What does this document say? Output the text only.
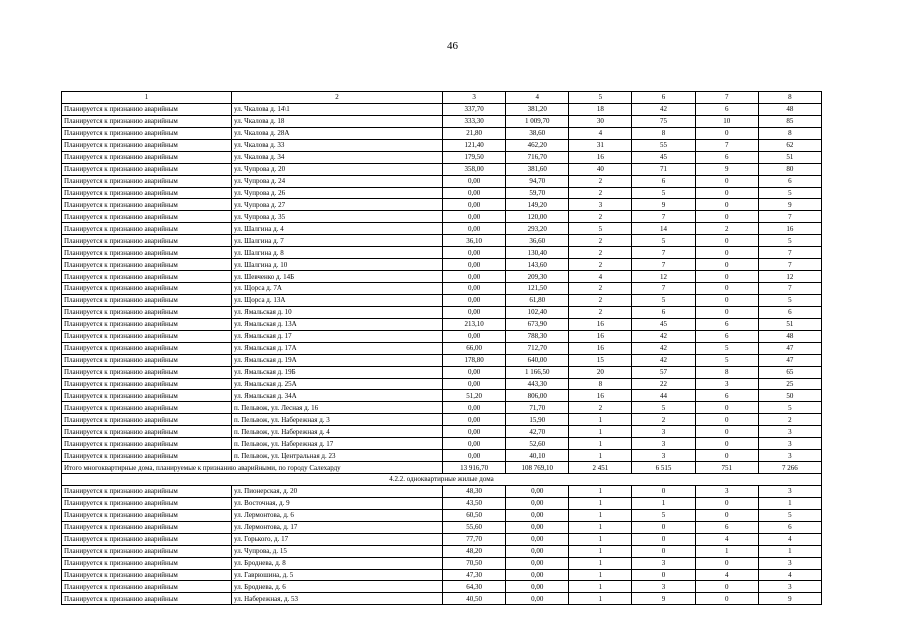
46
1	2	3	4	5	6	7	8
Планируется к признанию аварийным	ул. Чкалова д. 14\1	337,70	381,20	18	42	6	48
Планируется к признанию аварийным	ул. Чкалова д. 18	333,30	1 009,70	30	75	10	85
Планируется к признанию аварийным	ул. Чкалова д. 28А	21,80	38,60	4	8	0	8
Планируется к признанию аварийным	ул. Чкалова д. 33	121,40	462,20	31	55	7	62
Планируется к признанию аварийным	ул. Чкалова д. 34	179,50	716,70	16	45	6	51
Планируется к признанию аварийным	ул. Чупрова д. 20	358,00	381,60	40	71	9	80
Планируется к признанию аварийным	ул. Чупрова д. 24	0,00	94,70	2	6	0	6
Планируется к признанию аварийным	ул. Чупрова д. 26	0,00	59,70	2	5	0	5
Планируется к признанию аварийным	ул. Чупрова д. 27	0,00	149,20	3	9	0	9
Планируется к признанию аварийным	ул. Чупрова д. 35	0,00	120,00	2	7	0	7
Планируется к признанию аварийным	ул. Шалгина д. 4	0,00	293,20	5	14	2	16
Планируется к признанию аварийным	ул. Шалгина д. 7	36,10	36,60	2	5	0	5
Планируется к признанию аварийным	ул. Шалгина д. 8	0,00	130,40	2	7	0	7
Планируется к признанию аварийным	ул. Шалгина д. 10	0,00	143,60	2	7	0	7
Планируется к признанию аварийным	ул. Шевченко д. 14Б	0,00	209,30	4	12	0	12
Планируется к признанию аварийным	ул. Щорса д. 7А	0,00	121,50	2	7	0	7
Планируется к признанию аварийным	ул. Щорса д. 13А	0,00	61,80	2	5	0	5
Планируется к признанию аварийным	ул. Ямальская д. 10	0,00	102,40	2	6	0	6
Планируется к признанию аварийным	ул. Ямальская д. 13А	213,10	673,90	16	45	6	51
Планируется к признанию аварийным	ул. Ямальская д. 17	0,00	788,30	16	42	6	48
Планируется к признанию аварийным	ул. Ямальская д. 17А	66,00	712,70	16	42	5	47
Планируется к признанию аварийным	ул. Ямальская д. 19А	178,80	640,00	15	42	5	47
Планируется к признанию аварийным	ул. Ямальская д. 19Б	0,00	1 166,50	20	57	8	65
Планируется к признанию аварийным	ул. Ямальская д. 25А	0,00	443,30	8	22	3	25
Планируется к признанию аварийным	ул. Ямальская д. 34А	51,20	806,00	16	44	6	50
Планируется к признанию аварийным	п. Пельвож, ул. Лесная д. 16	0,00	71,70	2	5	0	5
Планируется к признанию аварийным	п. Пельвож, ул. Набережная д. 3	0,00	15,90	1	2	0	2
Планируется к признанию аварийным	п. Пельвож, ул. Набережная д. 4	0,00	42,70	1	3	0	3
Планируется к признанию аварийным	п. Пельвож, ул. Набережная д. 17	0,00	52,60	1	3	0	3
Планируется к признанию аварийным	п. Пельвож, ул. Центральная д. 23	0,00	40,10	1	3	0	3
Итого многоквартирные дома, планируемые к признанию аварийными, по городу Салехарду		13 916,70	108 769,10	2 451	6 515	751	7 266
4.2.2. одноквартирные жилые дома							
Планируется к признанию аварийным	ул. Пионерская, д. 20	48,30	0,00	1	0	3	3
Планируется к признанию аварийным	ул. Восточная, д. 9	43,50	0,00	1	1	0	1
Планируется к признанию аварийным	ул. Лермонтова, д. 6	60,50	0,00	1	5	0	5
Планируется к признанию аварийным	ул. Лермонтова, д. 17	55,60	0,00	1	0	6	6
Планируется к признанию аварийным	ул. Горького, д. 17	77,70	0,00	1	0	4	4
Планируется к признанию аварийным	ул. Чупрова, д. 15	48,20	0,00	1	0	1	1
Планируется к признанию аварийным	ул. Броднева, д. 8	70,50	0,00	1	3	0	3
Планируется к признанию аварийным	ул. Гаврюшина, д. 5	47,30	0,00	1	0	4	4
Планируется к признанию аварийным	ул. Броднева, д. 6	64,30	0,00	1	3	0	3
Планируется к признанию аварийным	ул. Набережная, д. 53	40,50	0,00	1	9	0	9
